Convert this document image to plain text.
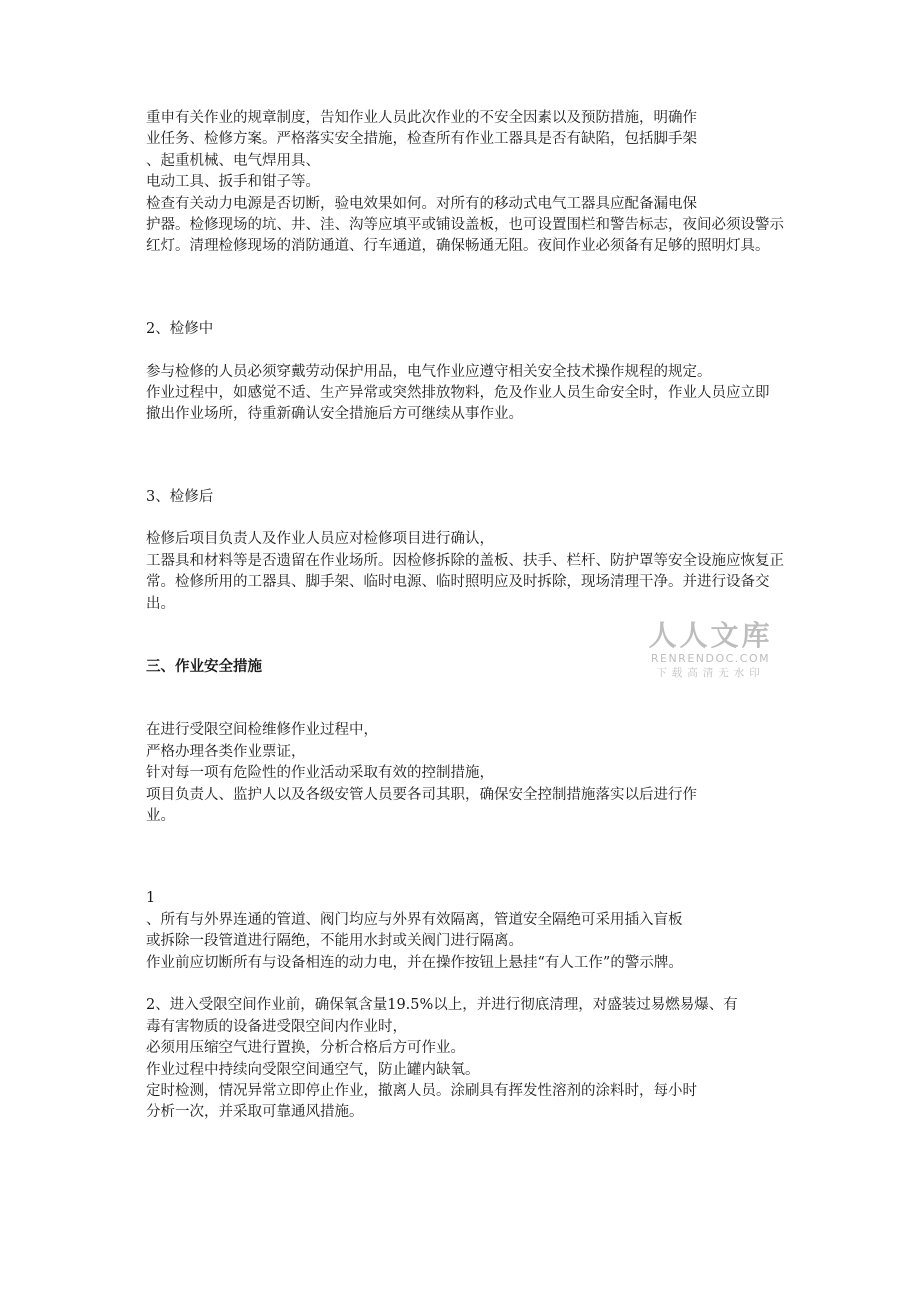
重申有关作业的规章制度，告知作业人员此次作业的不安全因素以及预防措施，明确作
业任务、检修方案。严格落实安全措施，检查所有作业工器具是否有缺陷，包括脚手架
、起重机械、电气焊用具、
电动工具、扳手和钳子等。
检查有关动力电源是否切断，验电效果如何。对所有的移动式电气工器具应配备漏电保
护器。检修现场的坑、井、洼、沟等应填平或铺设盖板，也可设置围栏和警告标志，夜间必须设警示
红灯。清理检修现场的消防通道、行车通道，确保畅通无阻。夜间作业必须备有足够的照明灯具。
2、检修中
参与检修的人员必须穿戴劳动保护用品，电气作业应遵守相关安全技术操作规程的规定。
作业过程中，如感觉不适、生产异常或突然排放物料，危及作业人员生命安全时，作业人员应立即
撤出作业场所，待重新确认安全措施后方可继续从事作业。
3、检修后
检修后项目负责人及作业人员应对检修项目进行确认，
工器具和材料等是否遗留在作业场所。因检修拆除的盖板、扶手、栏杆、防护罩等安全设施应恢复正
常。检修所用的工器具、脚手架、临时电源、临时照明应及时拆除，现场清理干净。并进行设备交
出。
三、作业安全措施
在进行受限空间检维修作业过程中，
严格办理各类作业票证，
针对每一项有危险性的作业活动采取有效的控制措施，
项目负责人、监护人以及各级安管人员要各司其职，确保安全控制措施落实以后进行作
业。
1
、所有与外界连通的管道、阀门均应与外界有效隔离，管道安全隔绝可采用插入盲板
或拆除一段管道进行隔绝，不能用水封或关阀门进行隔离。
作业前应切断所有与设备相连的动力电，并在操作按钮上悬挂“有人工作”的警示牌。
2、进入受限空间作业前，确保氧含量19.5%以上，并进行彻底清理，对盛装过易燃易爆、有
毒有害物质的设备进受限空间内作业时，
必须用压缩空气进行置换，分析合格后方可作业。
作业过程中持续向受限空间通空气，防止罐内缺氧。
定时检测，情况异常立即停止作业，撤离人员。涂刷具有挥发性溶剂的涂料时，每小时
分析一次，并采取可靠通风措施。
人人文库
RENRENDOC.COM
下载高清无水印
